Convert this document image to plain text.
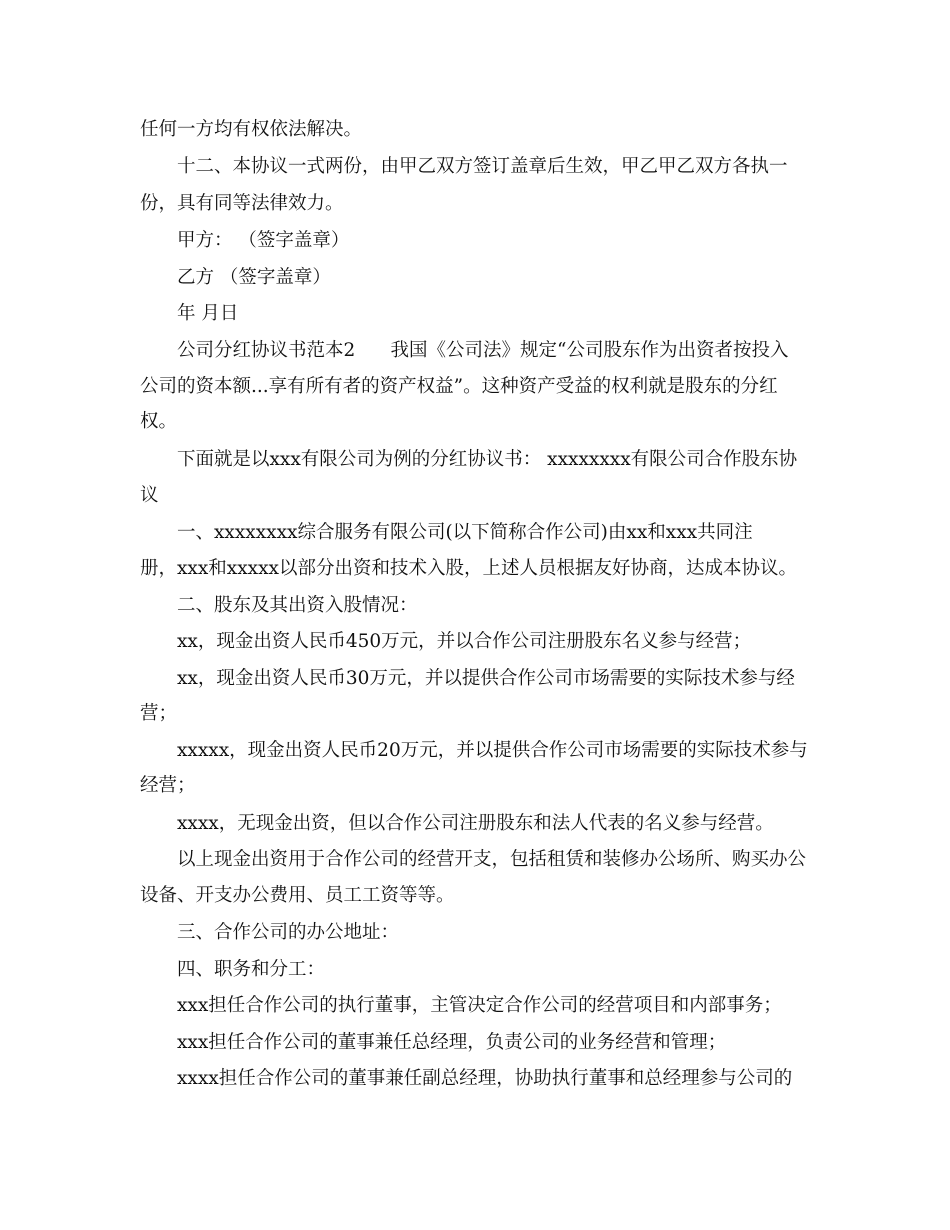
任何一方均有权依法解决。
十二、本协议一式两份，由甲乙双方签订盖章后生效，甲乙甲乙双方各执一
份，具有同等法律效力。
甲方： （签字盖章）
乙方 （签字盖章）
年 月日
公司分红协议书范本2      我国《公司法》规定“公司股东作为出资者按投入
公司的资本额...享有所有者的资产权益”。这种资产受益的权利就是股东的分红
权。
下面就是以xxx有限公司为例的分红协议书： xxxxxxxx有限公司合作股东协
议
一、xxxxxxxx综合服务有限公司(以下简称合作公司)由xx和xxx共同注
册，xxx和xxxxx以部分出资和技术入股，上述人员根据友好协商，达成本协议。
二、股东及其出资入股情况：
xx，现金出资人民币450万元，并以合作公司注册股东名义参与经营；
xx，现金出资人民币30万元，并以提供合作公司市场需要的实际技术参与经
营；
xxxxx，现金出资人民币20万元，并以提供合作公司市场需要的实际技术参与
经营；
xxxx，无现金出资，但以合作公司注册股东和法人代表的名义参与经营。
以上现金出资用于合作公司的经营开支，包括租赁和装修办公场所、购买办公
设备、开支办公费用、员工工资等等。
三、合作公司的办公地址：
四、职务和分工：
xxx担任合作公司的执行董事，主管决定合作公司的经营项目和内部事务；
xxx担任合作公司的董事兼任总经理，负责公司的业务经营和管理；
xxxx担任合作公司的董事兼任副总经理，协助执行董事和总经理参与公司的
